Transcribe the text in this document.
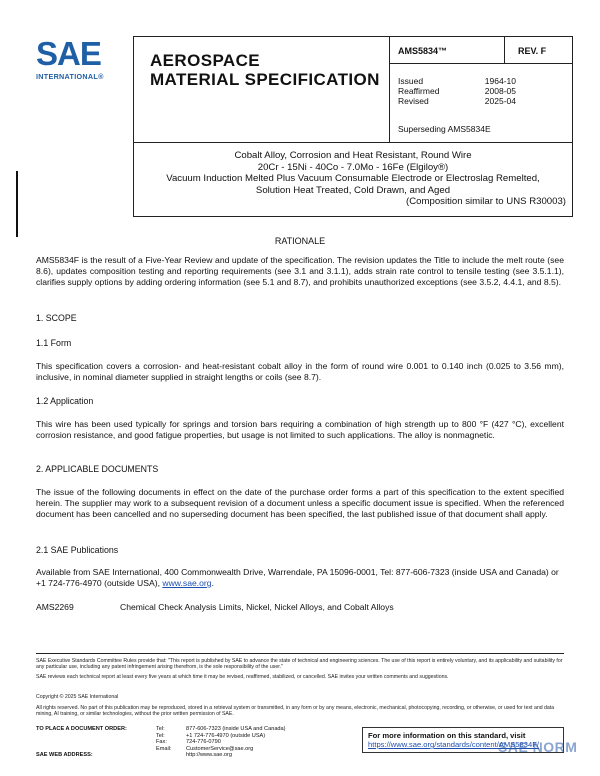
SAE
INTERNATIONAL®
AEROSPACE
MATERIAL SPECIFICATION
AMS5834™	REV. F
Issued	1964-10
Reaffirmed	2008-05
Revised	2025-04
Superseding AMS5834E
Cobalt Alloy, Corrosion and Heat Resistant, Round Wire
20Cr - 15Ni - 40Co - 7.0Mo - 16Fe (Elgiloy®)
Vacuum Induction Melted Plus Vacuum Consumable Electrode or Electroslag Remelted,
Solution Heat Treated, Cold Drawn, and Aged
(Composition similar to UNS R30003)
RATIONALE
AMS5834F is the result of a Five-Year Review and update of the specification. The revision updates the Title to include the melt route (see 8.6), updates composition testing and reporting requirements (see 3.1 and 3.1.1), adds strain rate control to tensile testing (see 3.5.1.1), clarifies supply options by adding ordering information (see 5.1 and 8.7), and prohibits unauthorized exceptions (see 3.5.2, 4.4.1, and 8.5).
1. SCOPE
1.1 Form
This specification covers a corrosion- and heat-resistant cobalt alloy in the form of round wire 0.001 to 0.140 inch (0.025 to 3.56 mm), inclusive, in nominal diameter supplied in straight lengths or coils (see 8.7).
1.2 Application
This wire has been used typically for springs and torsion bars requiring a combination of high strength up to 800 °F (427 °C), excellent corrosion resistance, and good fatigue properties, but usage is not limited to such applications. The alloy is nonmagnetic.
2. APPLICABLE DOCUMENTS
The issue of the following documents in effect on the date of the purchase order forms a part of this specification to the extent specified herein. The supplier may work to a subsequent revision of a document unless a specific document issue is specified. When the referenced document has been cancelled and no superseding document has been specified, the last published issue of that document shall apply.
2.1 SAE Publications
Available from SAE International, 400 Commonwealth Drive, Warrendale, PA 15096-0001, Tel: 877-606-7323 (inside USA and Canada) or +1 724-776-4970 (outside USA), www.sae.org.
AMS2269	Chemical Check Analysis Limits, Nickel, Nickel Alloys, and Cobalt Alloys
SAE Executive Standards Committee Rules provide that: "This report is published by SAE to advance the state of technical and engineering sciences. The use of this report is entirely voluntary, and its applicability and suitability for any particular use, including any patent infringement arising therefrom, is the sole responsibility of the user."
SAE reviews each technical report at least every five years at which time it may be revised, reaffirmed, stabilized, or cancelled. SAE invites your written comments and suggestions.
Copyright © 2025 SAE International
All rights reserved. No part of this publication may be reproduced, stored in a retrieval system or transmitted, in any form or by any means, electronic, mechanical, photocopying, recording, or otherwise, or used for text and data mining, AI training, or similar technologies, without the prior written permission of SAE.
TO PLACE A DOCUMENT ORDER:	Tel:	877-606-7323 (inside USA and Canada)
Tel:	+1 724-776-4970 (outside USA)
Fax:	724-776-0790
Email:	CustomerService@sae.org
SAE WEB ADDRESS:	http://www.sae.org
For more information on this standard, visit
https://www.sae.org/standards/content/AMS5834F/
SAE NORM
